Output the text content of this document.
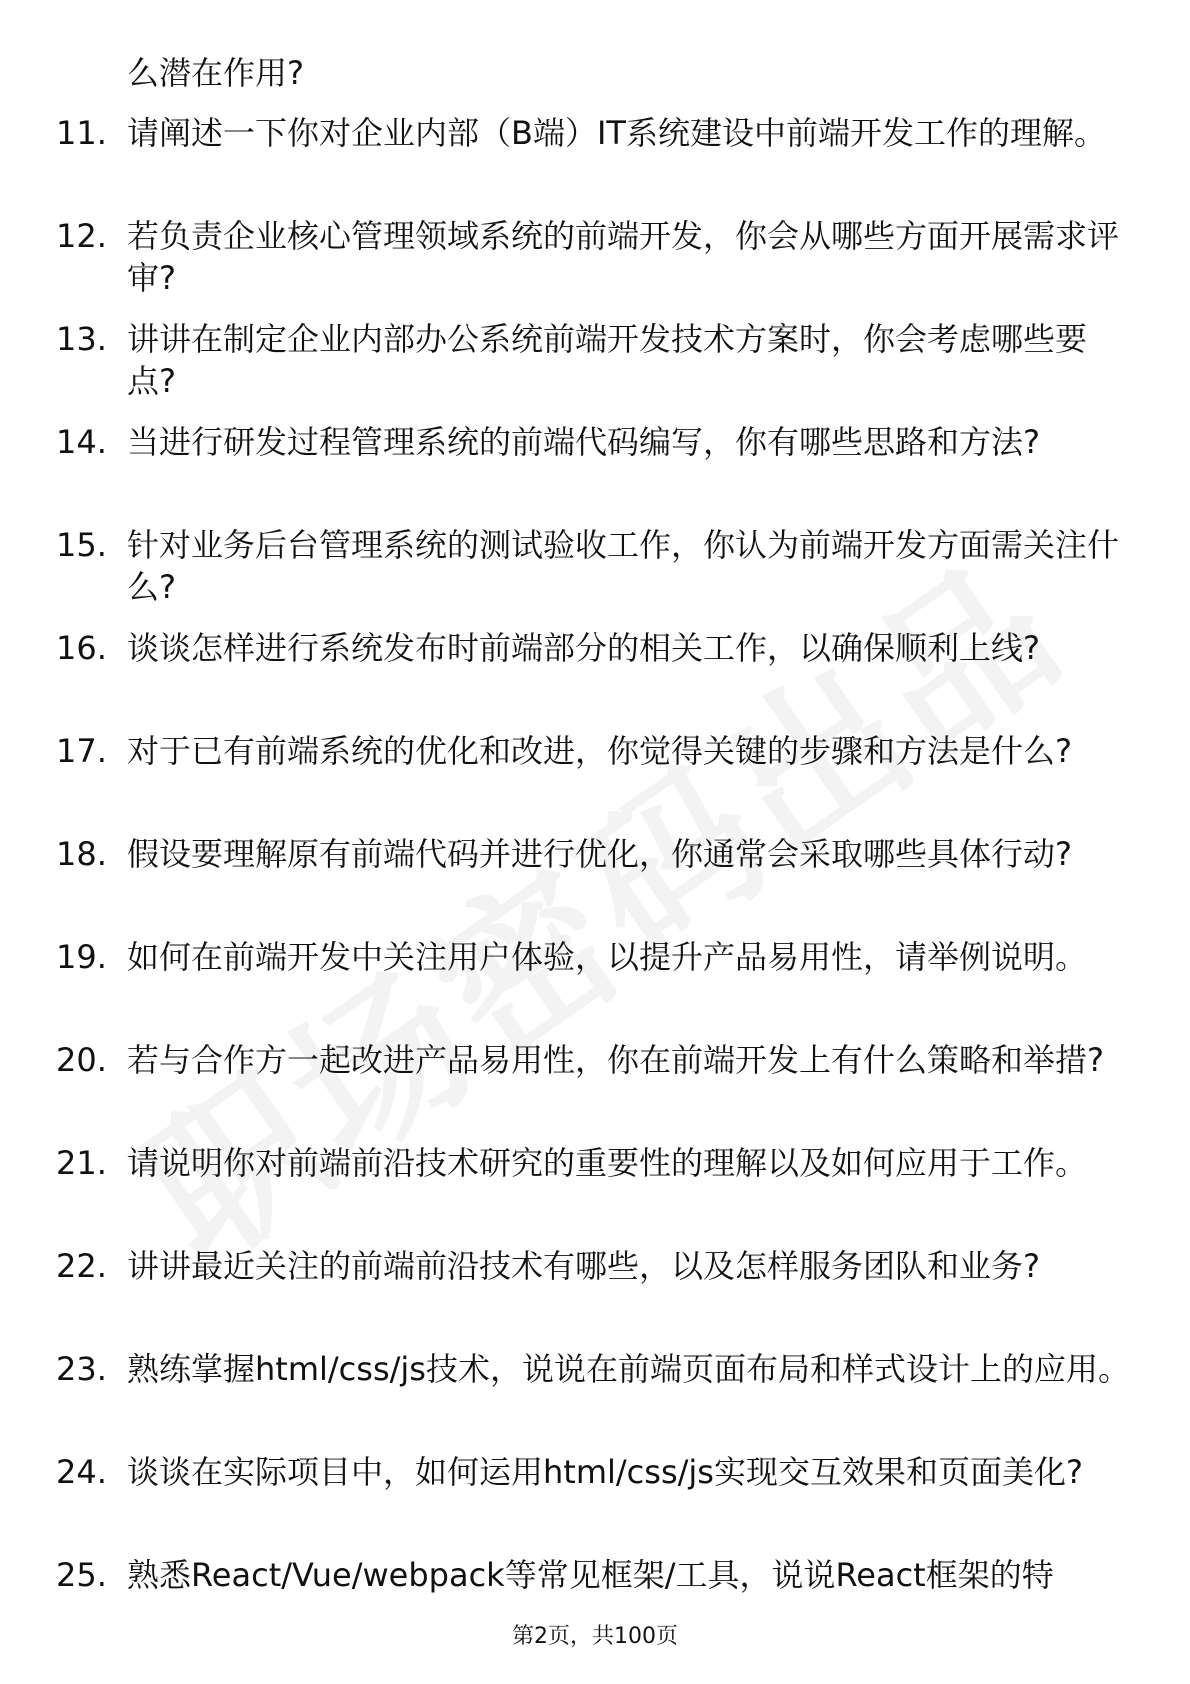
么潜在作用?

11. 请阐述一下你对企业内部（B端）IT系统建设中前端开发工作的理解。
12. 若负责企业核心管理领域系统的前端开发，你会从哪些方面开展需求评审?
13. 讲讲在制定企业内部办公系统前端开发技术方案时，你会考虑哪些要点?
14. 当进行研发过程管理系统的前端代码编写，你有哪些思路和方法?
15. 针对业务后台管理系统的测试验收工作，你认为前端开发方面需关注什么?
16. 谈谈怎样进行系统发布时前端部分的相关工作，以确保顺利上线?
17. 对于已有前端系统的优化和改进，你觉得关键的步骤和方法是什么?
18. 假设要理解原有前端代码并进行优化，你通常会采取哪些具体行动?
19. 如何在前端开发中关注用户体验，以提升产品易用性，请举例说明。
20. 若与合作方一起改进产品易用性，你在前端开发上有什么策略和举措?
21. 请说明你对前端前沿技术研究的重要性的理解以及如何应用于工作。
22. 讲讲最近关注的前端前沿技术有哪些，以及怎样服务团队和业务?
23. 熟练掌握html/css/js技术，说说在前端页面布局和样式设计上的应用。
24. 谈谈在实际项目中，如何运用html/css/js实现交互效果和页面美化?
25. 熟悉React/Vue/webpack等常见框架/工具，说说React框架的特
第2页，共100页
